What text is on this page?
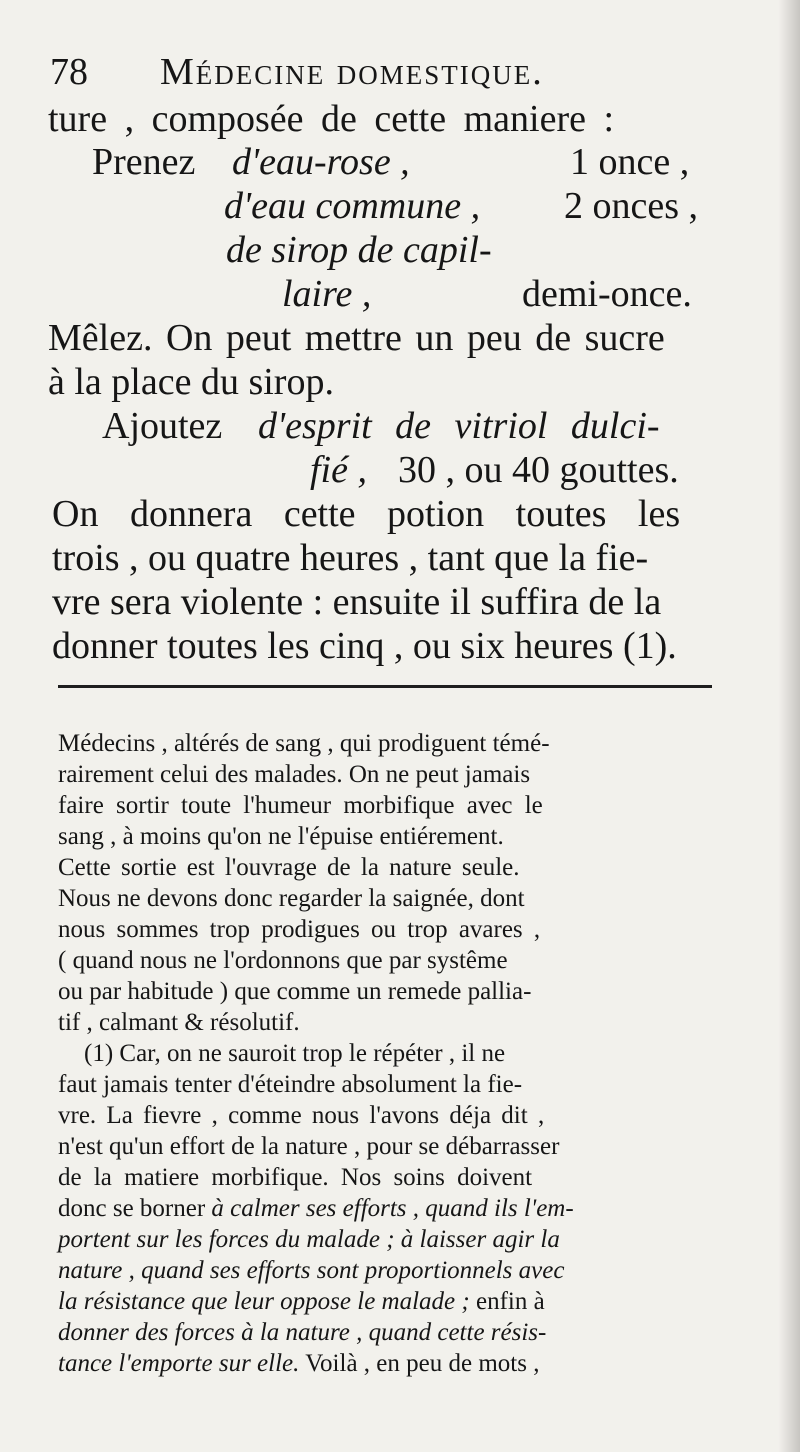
78 Médecine domestique.
ture , composée de cette maniere :
Prenez d'eau-rose ,	1 once ,
d'eau commune , 2 onces ,
de sirop de capil-
laire ,	demi-once.
Mêlez. On peut mettre un peu de sucre
à la place du sirop.
Ajoutez d'esprit de vitriol dulci-
fié , 30 , ou 40 gouttes.
On donnera cette potion toutes les
trois , ou quatre heures , tant que la fie-
vre sera violente : ensuite il suffira de la
donner toutes les cinq , ou six heures (1).
Médecins , altérés de sang , qui prodiguent témé-
rairement celui des malades. On ne peut jamais
faire sortir toute l'humeur morbifique avec le
sang , à moins qu'on ne l'épuise entiérement.
Cette sortie est l'ouvrage de la nature seule.
Nous ne devons donc regarder la saignée, dont
nous sommes trop prodigues ou trop avares ,
( quand nous ne l'ordonnons que par systême
ou par habitude ) que comme un remede pallia-
tif , calmant & résolutif.
(1) Car, on ne sauroit trop le répéter , il ne
faut jamais tenter d'éteindre absolument la fie-
vre. La fievre , comme nous l'avons déja dit ,
n'est qu'un effort de la nature , pour se débarrasser
de la matiere morbifique. Nos soins doivent
donc se borner à calmer ses efforts , quand ils l'em-
portent sur les forces du malade ; à laisser agir la
nature , quand ses efforts sont proportionnels avec
la résistance que leur oppose le malade ; enfin à
donner des forces à la nature , quand cette résis-
tance l'emporte sur elle. Voilà , en peu de mots ,
